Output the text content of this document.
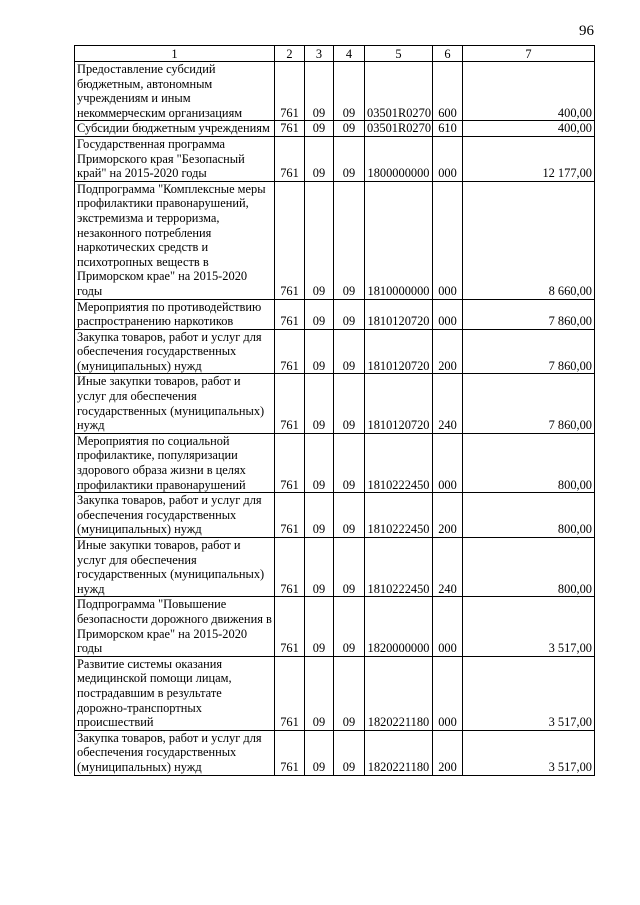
96
1	2	3	4	5	6	7
Предоставление субсидий бюджетным, автономным учреждениям и иным некоммерческим организациям	761	09	09	03501R0270	600	400,00
Субсидии бюджетным учреждениям	761	09	09	03501R0270	610	400,00
Государственная программа Приморского края "Безопасный край" на 2015-2020 годы	761	09	09	1800000000	000	12 177,00
Подпрограмма "Комплексные меры профилактики правонарушений, экстремизма и терроризма, незаконного потребления наркотических средств и психотропных веществ в Приморском крае" на 2015-2020 годы	761	09	09	1810000000	000	8 660,00
Мероприятия по противодействию распространению наркотиков	761	09	09	1810120720	000	7 860,00
Закупка товаров, работ и услуг для обеспечения государственных (муниципальных) нужд	761	09	09	1810120720	200	7 860,00
Иные закупки товаров, работ и услуг для обеспечения государственных (муниципальных) нужд	761	09	09	1810120720	240	7 860,00
Мероприятия по социальной профилактике, популяризации здорового образа жизни в целях профилактики правонарушений	761	09	09	1810222450	000	800,00
Закупка товаров, работ и услуг для обеспечения государственных (муниципальных) нужд	761	09	09	1810222450	200	800,00
Иные закупки товаров, работ и услуг для обеспечения государственных (муниципальных) нужд	761	09	09	1810222450	240	800,00
Подпрограмма "Повышение безопасности дорожного движения в Приморском крае" на 2015-2020 годы	761	09	09	1820000000	000	3 517,00
Развитие системы оказания медицинской помощи лицам, пострадавшим в результате дорожно-транспортных происшествий	761	09	09	1820221180	000	3 517,00
Закупка товаров, работ и услуг для обеспечения государственных (муниципальных) нужд	761	09	09	1820221180	200	3 517,00
